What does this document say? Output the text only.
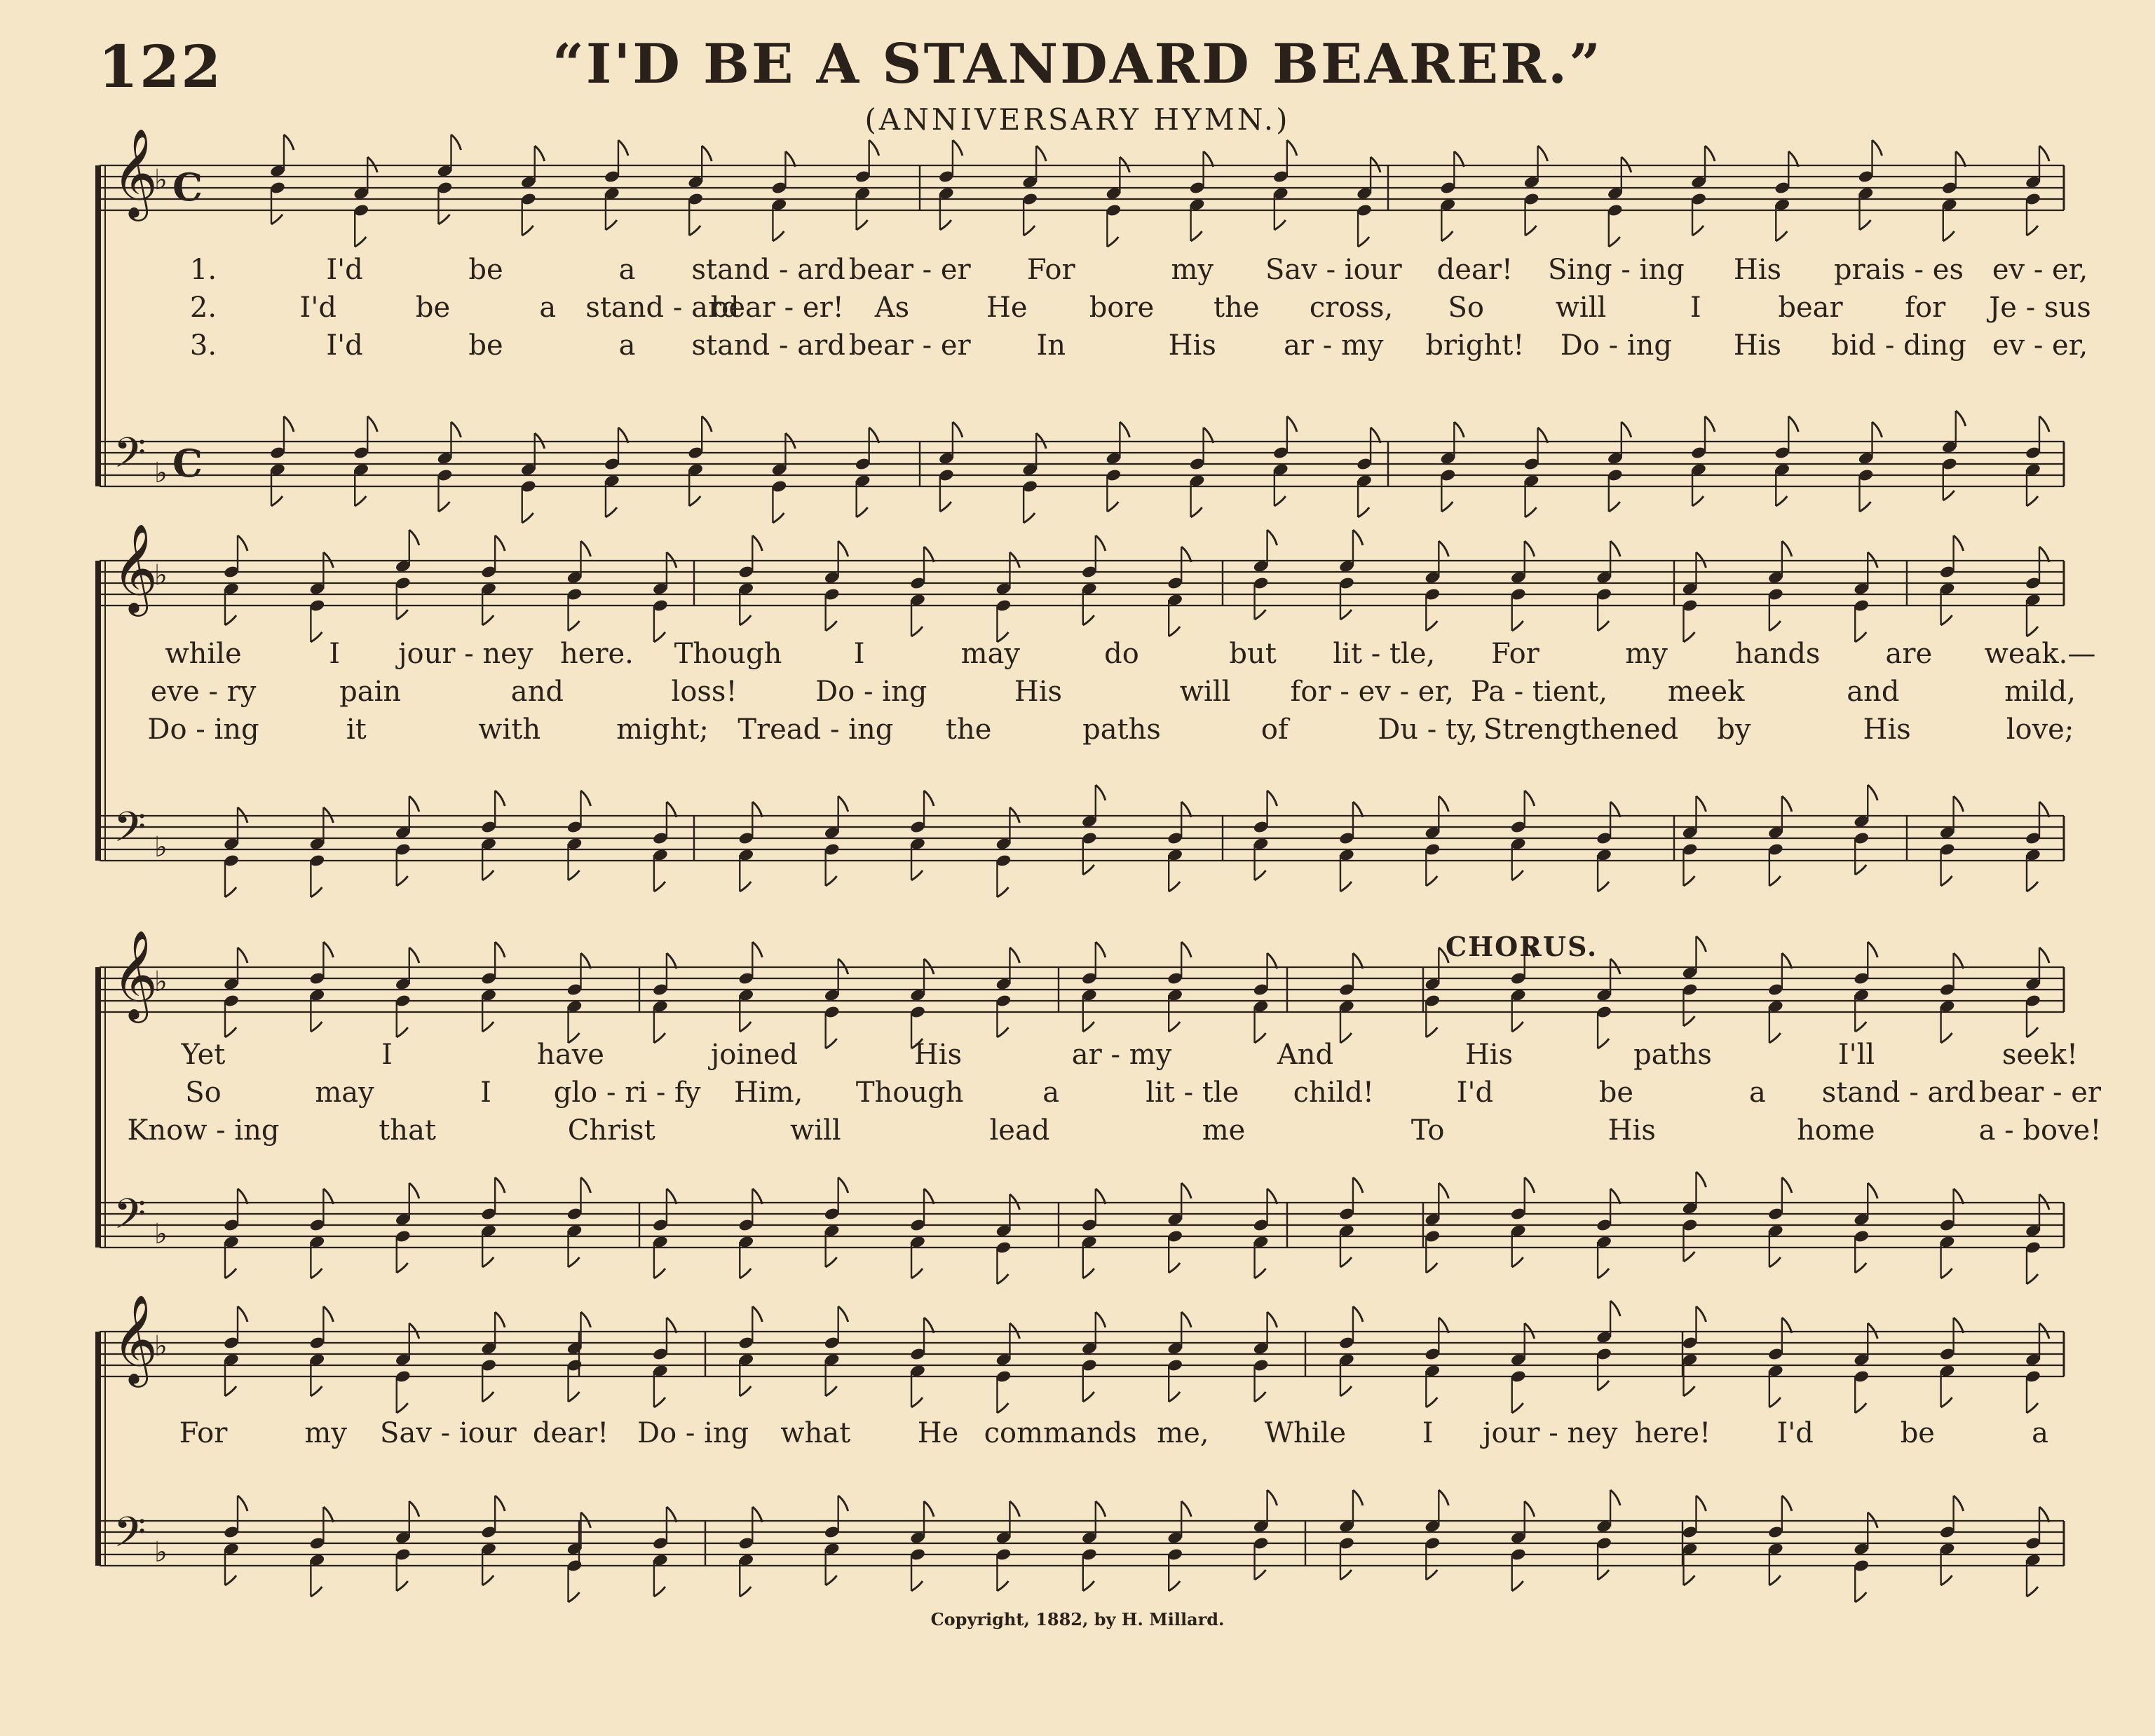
122	“I'D BE A STANDARD BEARER.”
(ANNIVERSARY HYMN.)
CHORUS.
Copyright, 1882, by H. Millard.
𝄞
𝄢
♭
♭
C
C
𝄞
𝄢
♭
♭
𝄞
𝄢
♭
♭
𝄞
𝄢
♭
♭
1.	I'd	be	a stand - ard bear - er For	my Sav - iour dear! Sing - ing His prais - es ev - er,
2.	I'd	be	a stand - ard
bear - er! As	He bore the cross, So	will	I	bear for Je - sus
3.	I'd	be	a stand - ard bear - er In	His ar - my bright! Do - ing His bid - ding ev - er,
while	I jour - ney here. Though	I	may	do	but lit - tle, For	my hands are weak.—
eve - ry	pain	and	loss!	Do - ing	His	will for - ev - er, Pa - tient, meek	and	mild,
Do - ing	it	with	might; Tread - ing the	paths	of	Du - ty, Strengthened by	His	love;
Yet	I	have	joined	His	ar - my	And	His	paths	I'll	seek!
So	may	I glo - ri - fy Him, Though	a	lit - tle child!	I'd	be	a stand - ard bear - er
Know - ing	that	Christ	will	lead	me	To	His	home	a - bove!
For	my Sav - iour dear! Do - ing what He commands me, While	I jour - ney here! I'd	be	a
